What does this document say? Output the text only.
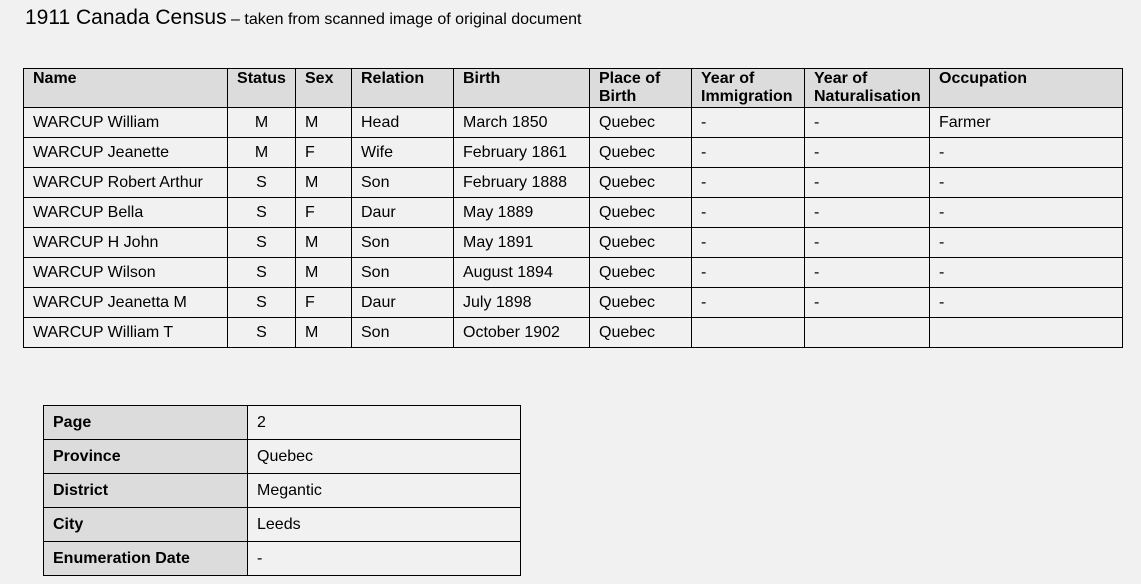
1911 Canada Census – taken from scanned image of original document
Name	Status	Sex	Relation	Birth	Place of Birth	Year of Immigration	Year of Naturalisation	Occupation
WARCUP William	M	M	Head	March 1850	Quebec	-	-	Farmer
WARCUP Jeanette	M	F	Wife	February 1861	Quebec	-	-	-
WARCUP Robert Arthur	S	M	Son	February 1888	Quebec	-	-	-
WARCUP Bella	S	F	Daur	May 1889	Quebec	-	-	-
WARCUP H John	S	M	Son	May 1891	Quebec	-	-	-
WARCUP Wilson	S	M	Son	August 1894	Quebec	-	-	-
WARCUP Jeanetta M	S	F	Daur	July 1898	Quebec	-	-	-
WARCUP William T	S	M	Son	October 1902	Quebec			
Page	2
Province	Quebec
District	Megantic
City	Leeds
Enumeration Date	-
